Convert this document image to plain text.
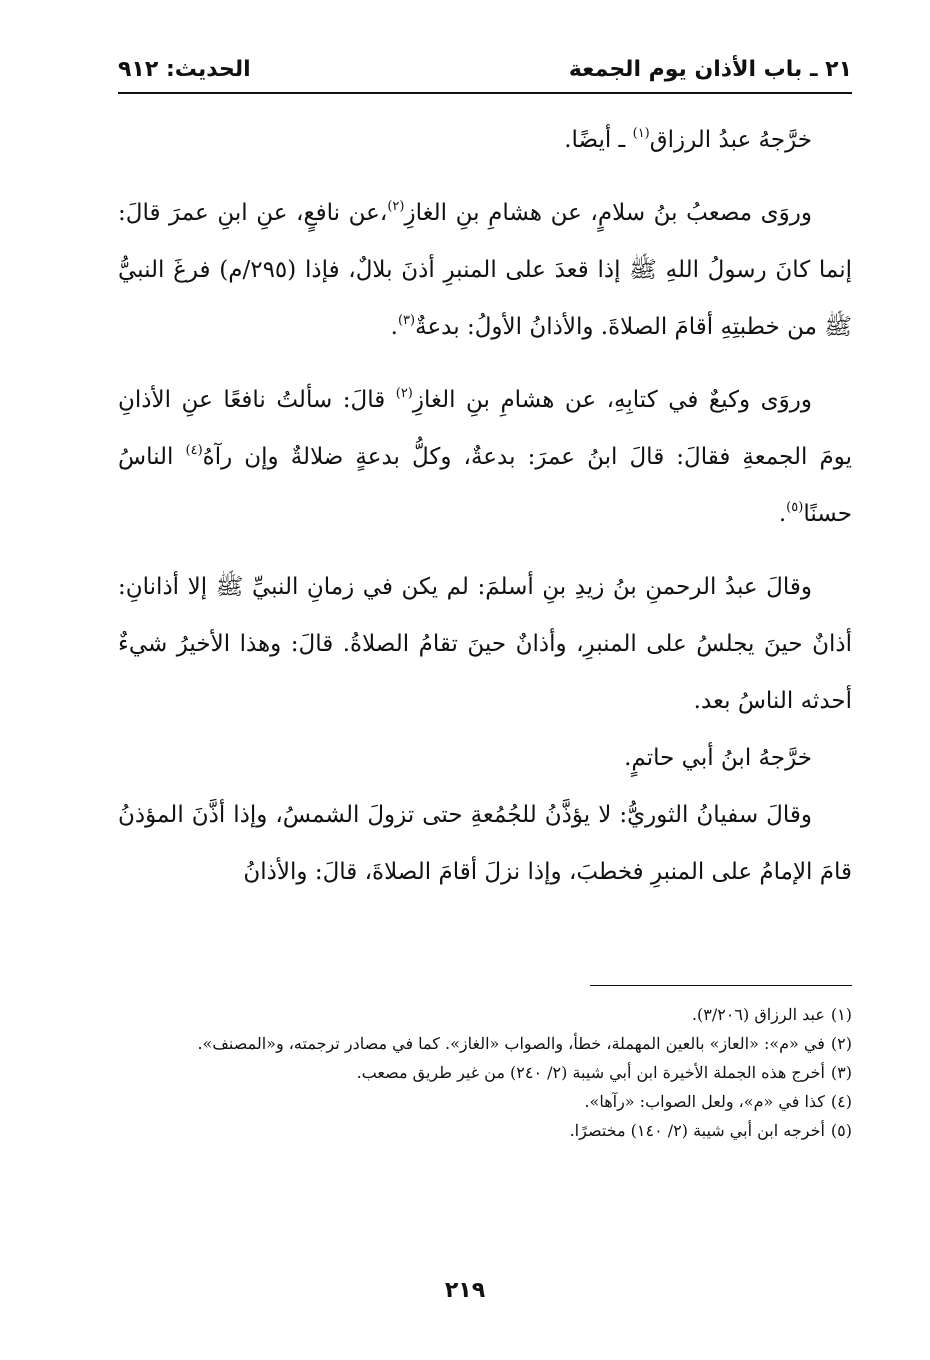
٢١ ـ باب الأذان يوم الجمعة
الحديث: ٩١٢

خرَّجهُ عبدُ الرزاق$^{(١)}$ ـ أيضًا.

وروَى مصعبُ بنُ سلامٍ، عن هشامِ بنِ الغازِ$^{(٢)}$،عن نافعٍ، عنِ ابنِ عمرَ قالَ: إنما كانَ رسولُ اللهِ ﷺ إذا قعدَ على المنبرِ أذنَ بلالٌ، فإذا (٢٩٥/م) فرغَ النبيُّ ﷺ من خطبتِهِ أقامَ الصلاةَ. والأذانُ الأولُ: بدعةٌ$^{(٣)}$.

وروَى وكيعٌ في كتابِهِ، عن هشامِ بنِ الغازِ$^{(٢)}$ قالَ: سألتُ نافعًا عنِ الأذانِ يومَ الجمعةِ فقالَ: قالَ ابنُ عمرَ: بدعةٌ، وكلُّ بدعةٍ ضلالةٌ وإن رآهُ$^{(٤)}$ الناسُ حسنًا$^{(٥)}$.

وقالَ عبدُ الرحمنِ بنُ زيدِ بنِ أسلمَ: لم يكن في زمانِ النبيِّ ﷺ إلا أذانانِ: أذانٌ حينَ يجلسُ على المنبرِ، وأذانٌ حينَ تقامُ الصلاةُ. قالَ: وهذا الأخيرُ شيءٌ أحدثه الناسُ بعد.

خرَّجهُ ابنُ أبي حاتمٍ.

وقالَ سفيانُ الثوريُّ: لا يؤذَّنُ للجُمُعةِ حتى تزولَ الشمسُ، وإذا أذَّنَ المؤذنُ قامَ الإمامُ على المنبرِ فخطبَ، وإذا نزلَ أقامَ الصلاةَ، قالَ: والأذانُ

(١)عبد الرزاق (٣/٢٠٦).

(٢)في «م»: «العاز» بالعين المهملة، خطأ، والصواب «الغاز». كما في مصادر ترجمته، و«المصنف».

(٣)أخرج هذه الجملة الأخيرة ابن أبي شيبة (٢/ ٢٤٠) من غير طريق مصعب.

(٤)كذا في «م»، ولعل الصواب: «رآها».

(٥)أخرجه ابن أبي شيبة (٢/ ١٤٠) مختصرًا.

٢١٩
